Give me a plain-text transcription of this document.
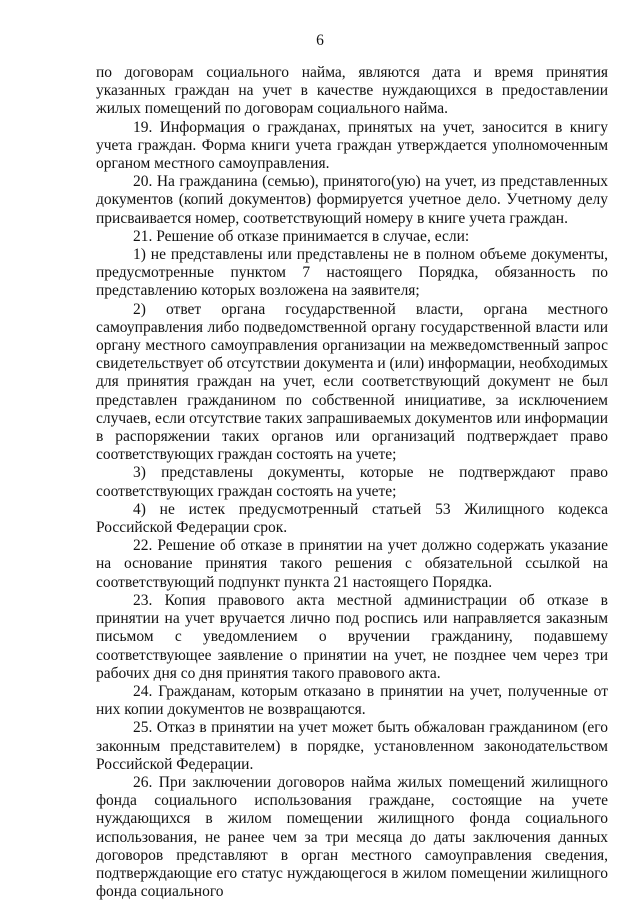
6

по договорам социального найма, являются дата и время принятия указанных граждан на учет в качестве нуждающихся в предоставлении жилых помещений по договорам социального найма.

19. Информация о гражданах, принятых на учет, заносится в книгу учета граждан. Форма книги учета граждан утверждается уполномоченным органом местного самоуправления.

20. На гражданина (семью), принятого(ую) на учет, из представленных документов (копий документов) формируется учетное дело. Учетному делу присваивается номер, соответствующий номеру в книге учета граждан.

21. Решение об отказе принимается в случае, если:

1) не представлены или представлены не в полном объеме документы, предусмотренные пунктом 7 настоящего Порядка, обязанность по представлению которых возложена на заявителя;

2) ответ органа государственной власти, органа местного самоуправления либо подведомственной органу государственной власти или органу местного самоуправления организации на межведомственный запрос свидетельствует об отсутствии документа и (или) информации, необходимых для принятия граждан на учет, если соответствующий документ не был представлен гражданином по собственной инициативе, за исключением случаев, если отсутствие таких запрашиваемых документов или информации в распоряжении таких органов или организаций подтверждает право соответствующих граждан состоять на учете;

3) представлены документы, которые не подтверждают право соответствующих граждан состоять на учете;

4) не истек предусмотренный статьей 53 Жилищного кодекса Российской Федерации срок.

22. Решение об отказе в принятии на учет должно содержать указание на основание принятия такого решения с обязательной ссылкой на соответствующий подпункт пункта 21 настоящего Порядка.

23. Копия правового акта местной администрации об отказе в принятии на учет вручается лично под роспись или направляется заказным письмом с уведомлением о вручении гражданину, подавшему соответствующее заявление о принятии на учет, не позднее чем через три рабочих дня со дня принятия такого правового акта.

24. Гражданам, которым отказано в принятии на учет, полученные от них копии документов не возвращаются.

25. Отказ в принятии на учет может быть обжалован гражданином (его законным представителем) в порядке, установленном законодательством Российской Федерации.

26. При заключении договоров найма жилых помещений жилищного фонда социального использования граждане, состоящие на учете нуждающихся в жилом помещении жилищного фонда социального использования, не ранее чем за три месяца до даты заключения данных договоров представляют в орган местного самоуправления сведения, подтверждающие его статус нуждающегося в жилом помещении жилищного фонда социального
